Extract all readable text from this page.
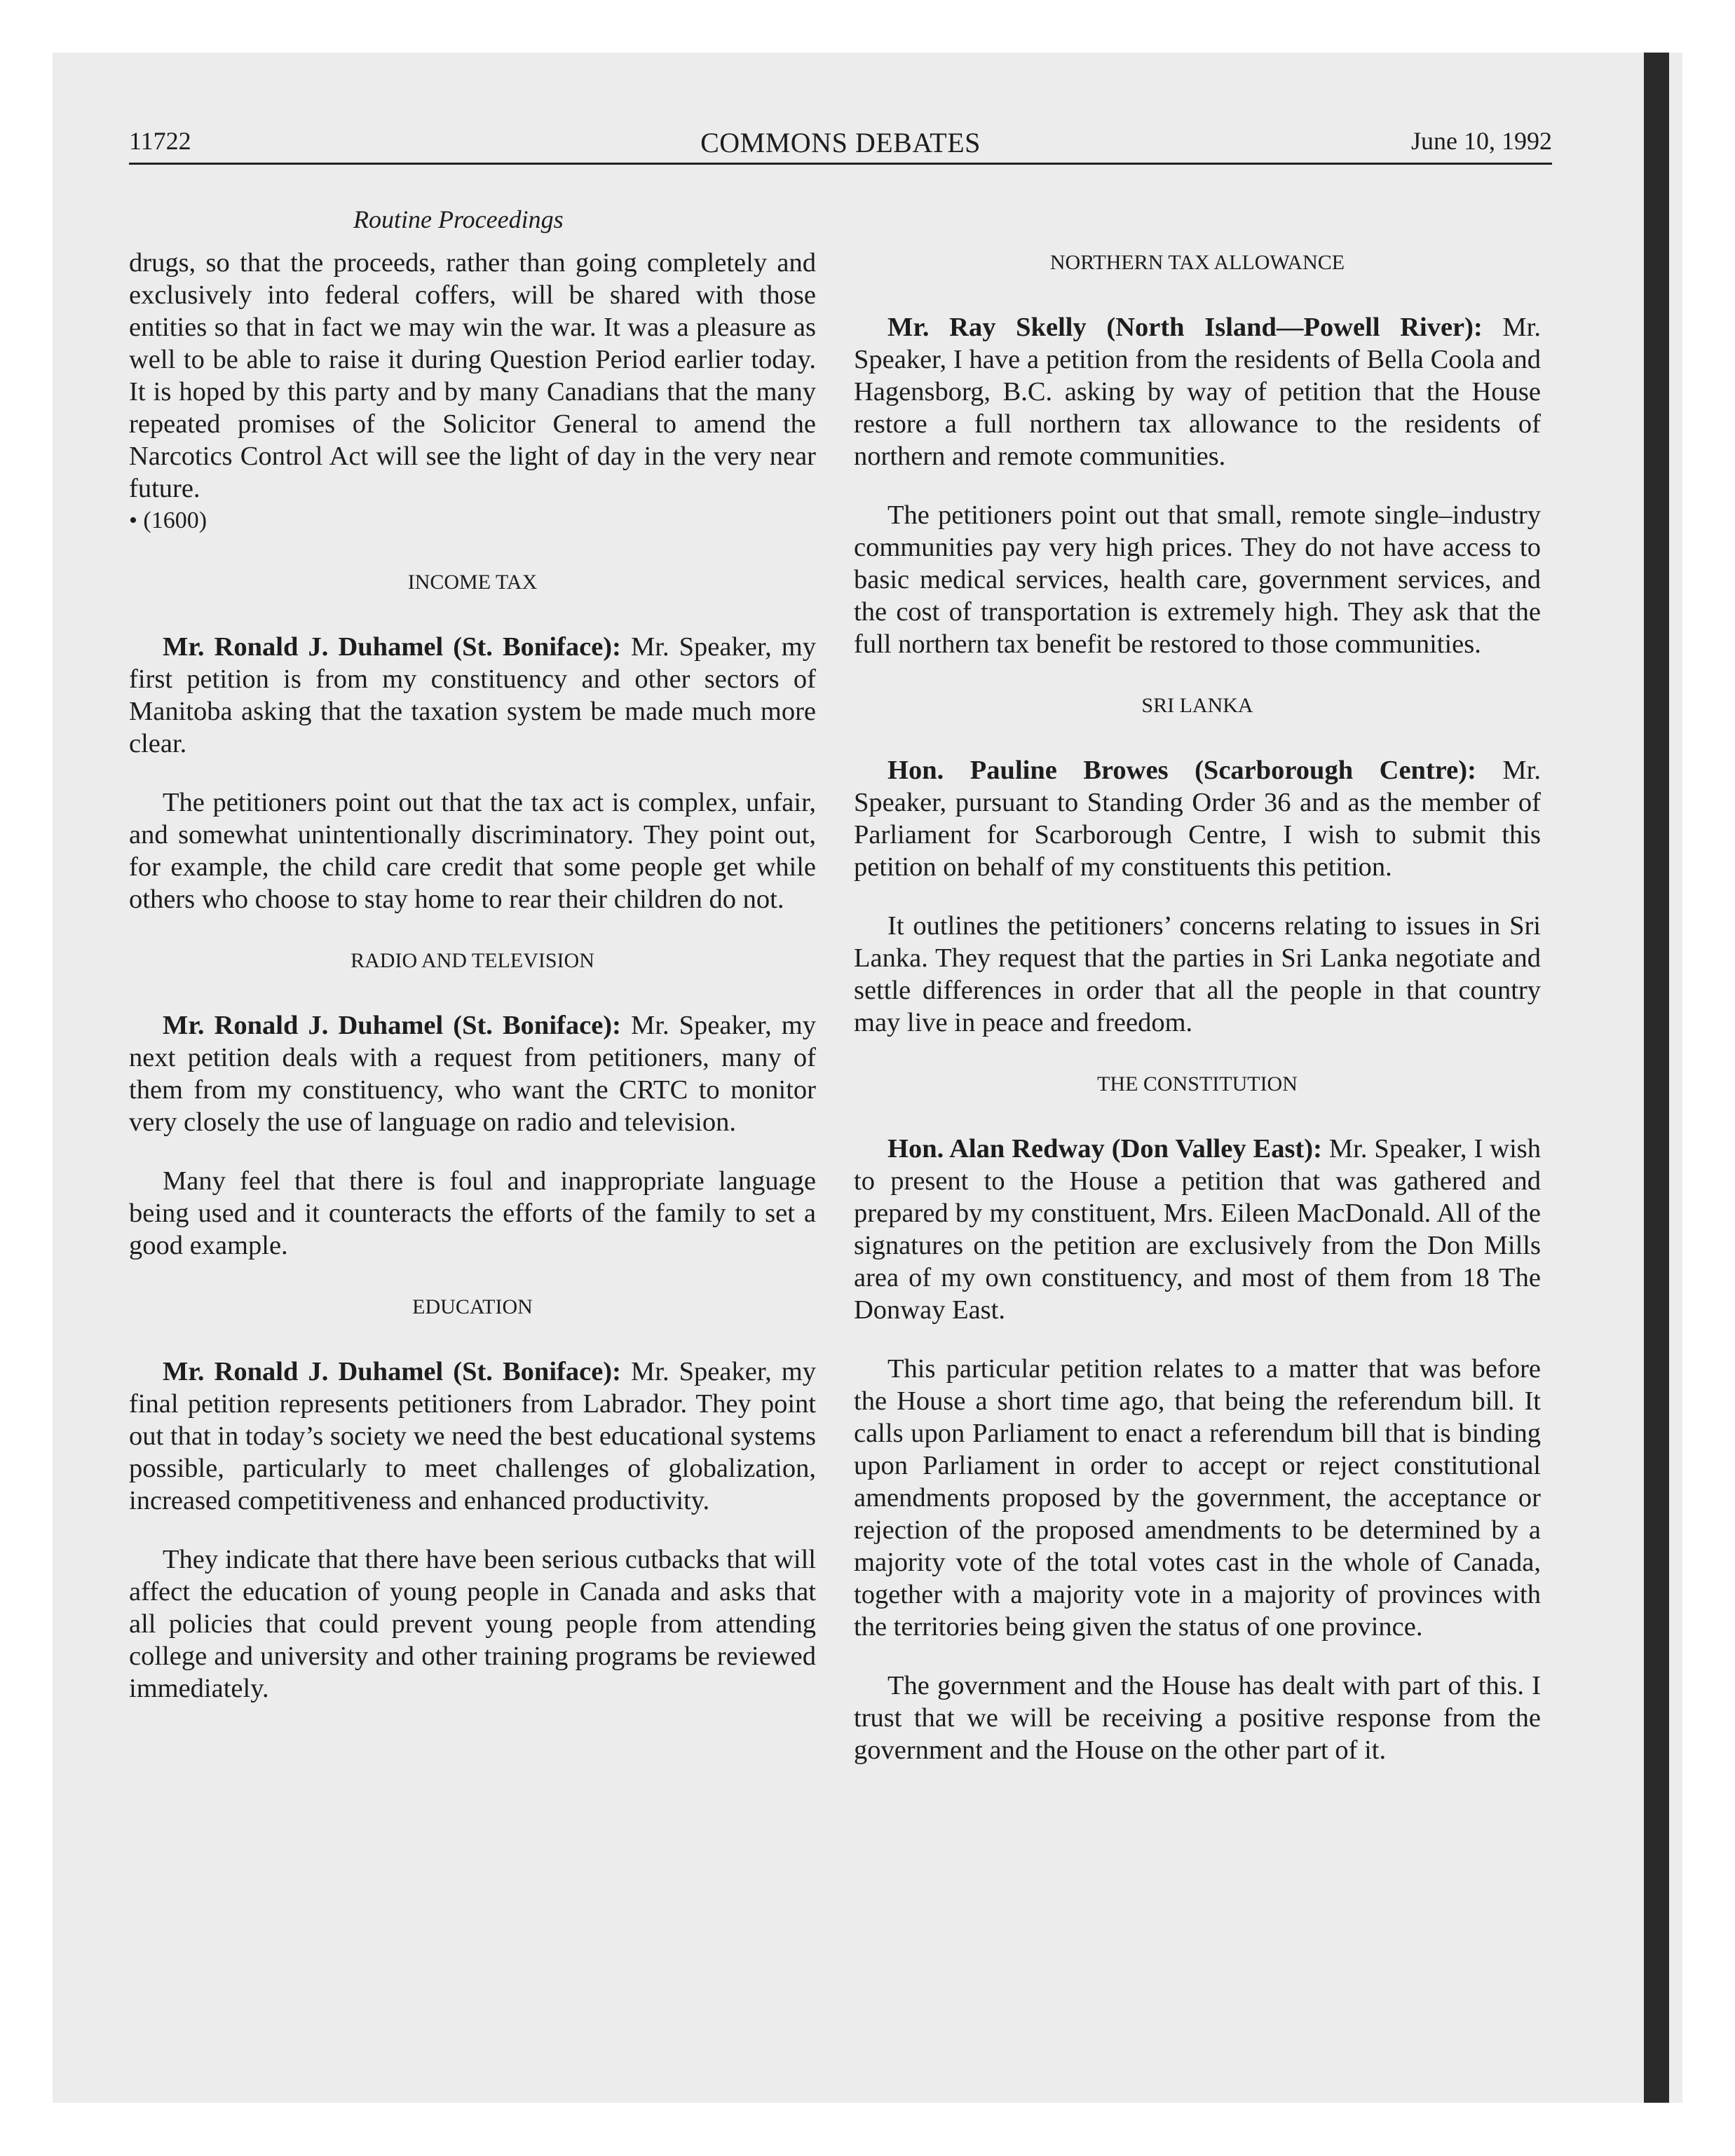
11722	COMMONS DEBATES	June 10, 1992
Routine Proceedings

drugs, so that the proceeds, rather than going completely and exclusively into federal coffers, will be shared with those entities so that in fact we may win the war. It was a pleasure as well to be able to raise it during Question Period earlier today. It is hoped by this party and by many Canadians that the many repeated promises of the Solicitor General to amend the Narcotics Control Act will see the light of day in the very near future.

• (1600)

INCOME TAX

Mr. Ronald J. Duhamel (St. Boniface): Mr. Speaker, my first petition is from my constituency and other sectors of Manitoba asking that the taxation system be made much more clear.

The petitioners point out that the tax act is complex, unfair, and somewhat unintentionally discriminatory. They point out, for example, the child care credit that some people get while others who choose to stay home to rear their children do not.

RADIO AND TELEVISION

Mr. Ronald J. Duhamel (St. Boniface): Mr. Speaker, my next petition deals with a request from petitioners, many of them from my constituency, who want the CRTC to monitor very closely the use of language on radio and television.

Many feel that there is foul and inappropriate language being used and it counteracts the efforts of the family to set a good example.

EDUCATION

Mr. Ronald J. Duhamel (St. Boniface): Mr. Speaker, my final petition represents petitioners from Labrador. They point out that in today’s society we need the best educational systems possible, particularly to meet challenges of globalization, increased competitiveness and enhanced productivity.

They indicate that there have been serious cutbacks that will affect the education of young people in Canada and asks that all policies that could prevent young people from attending college and university and other training programs be reviewed immediately.

NORTHERN TAX ALLOWANCE

Mr. Ray Skelly (North Island—Powell River): Mr. Speaker, I have a petition from the residents of Bella Coola and Hagensborg, B.C. asking by way of petition that the House restore a full northern tax allowance to the residents of northern and remote communities.

The petitioners point out that small, remote single–industry communities pay very high prices. They do not have access to basic medical services, health care, government services, and the cost of transportation is extremely high. They ask that the full northern tax benefit be restored to those communities.

SRI LANKA

Hon. Pauline Browes (Scarborough Centre): Mr. Speaker, pursuant to Standing Order 36 and as the member of Parliament for Scarborough Centre, I wish to submit this petition on behalf of my constituents this petition.

It outlines the petitioners’ concerns relating to issues in Sri Lanka. They request that the parties in Sri Lanka negotiate and settle differences in order that all the people in that country may live in peace and freedom.

THE CONSTITUTION

Hon. Alan Redway (Don Valley East): Mr. Speaker, I wish to present to the House a petition that was gathered and prepared by my constituent, Mrs. Eileen MacDonald. All of the signatures on the petition are exclusively from the Don Mills area of my own constituency, and most of them from 18 The Donway East.

This particular petition relates to a matter that was before the House a short time ago, that being the referendum bill. It calls upon Parliament to enact a referendum bill that is binding upon Parliament in order to accept or reject constitutional amendments proposed by the government, the acceptance or rejection of the proposed amendments to be determined by a majority vote of the total votes cast in the whole of Canada, together with a majority vote in a majority of provinces with the territories being given the status of one province.

The government and the House has dealt with part of this. I trust that we will be receiving a positive response from the government and the House on the other part of it.
